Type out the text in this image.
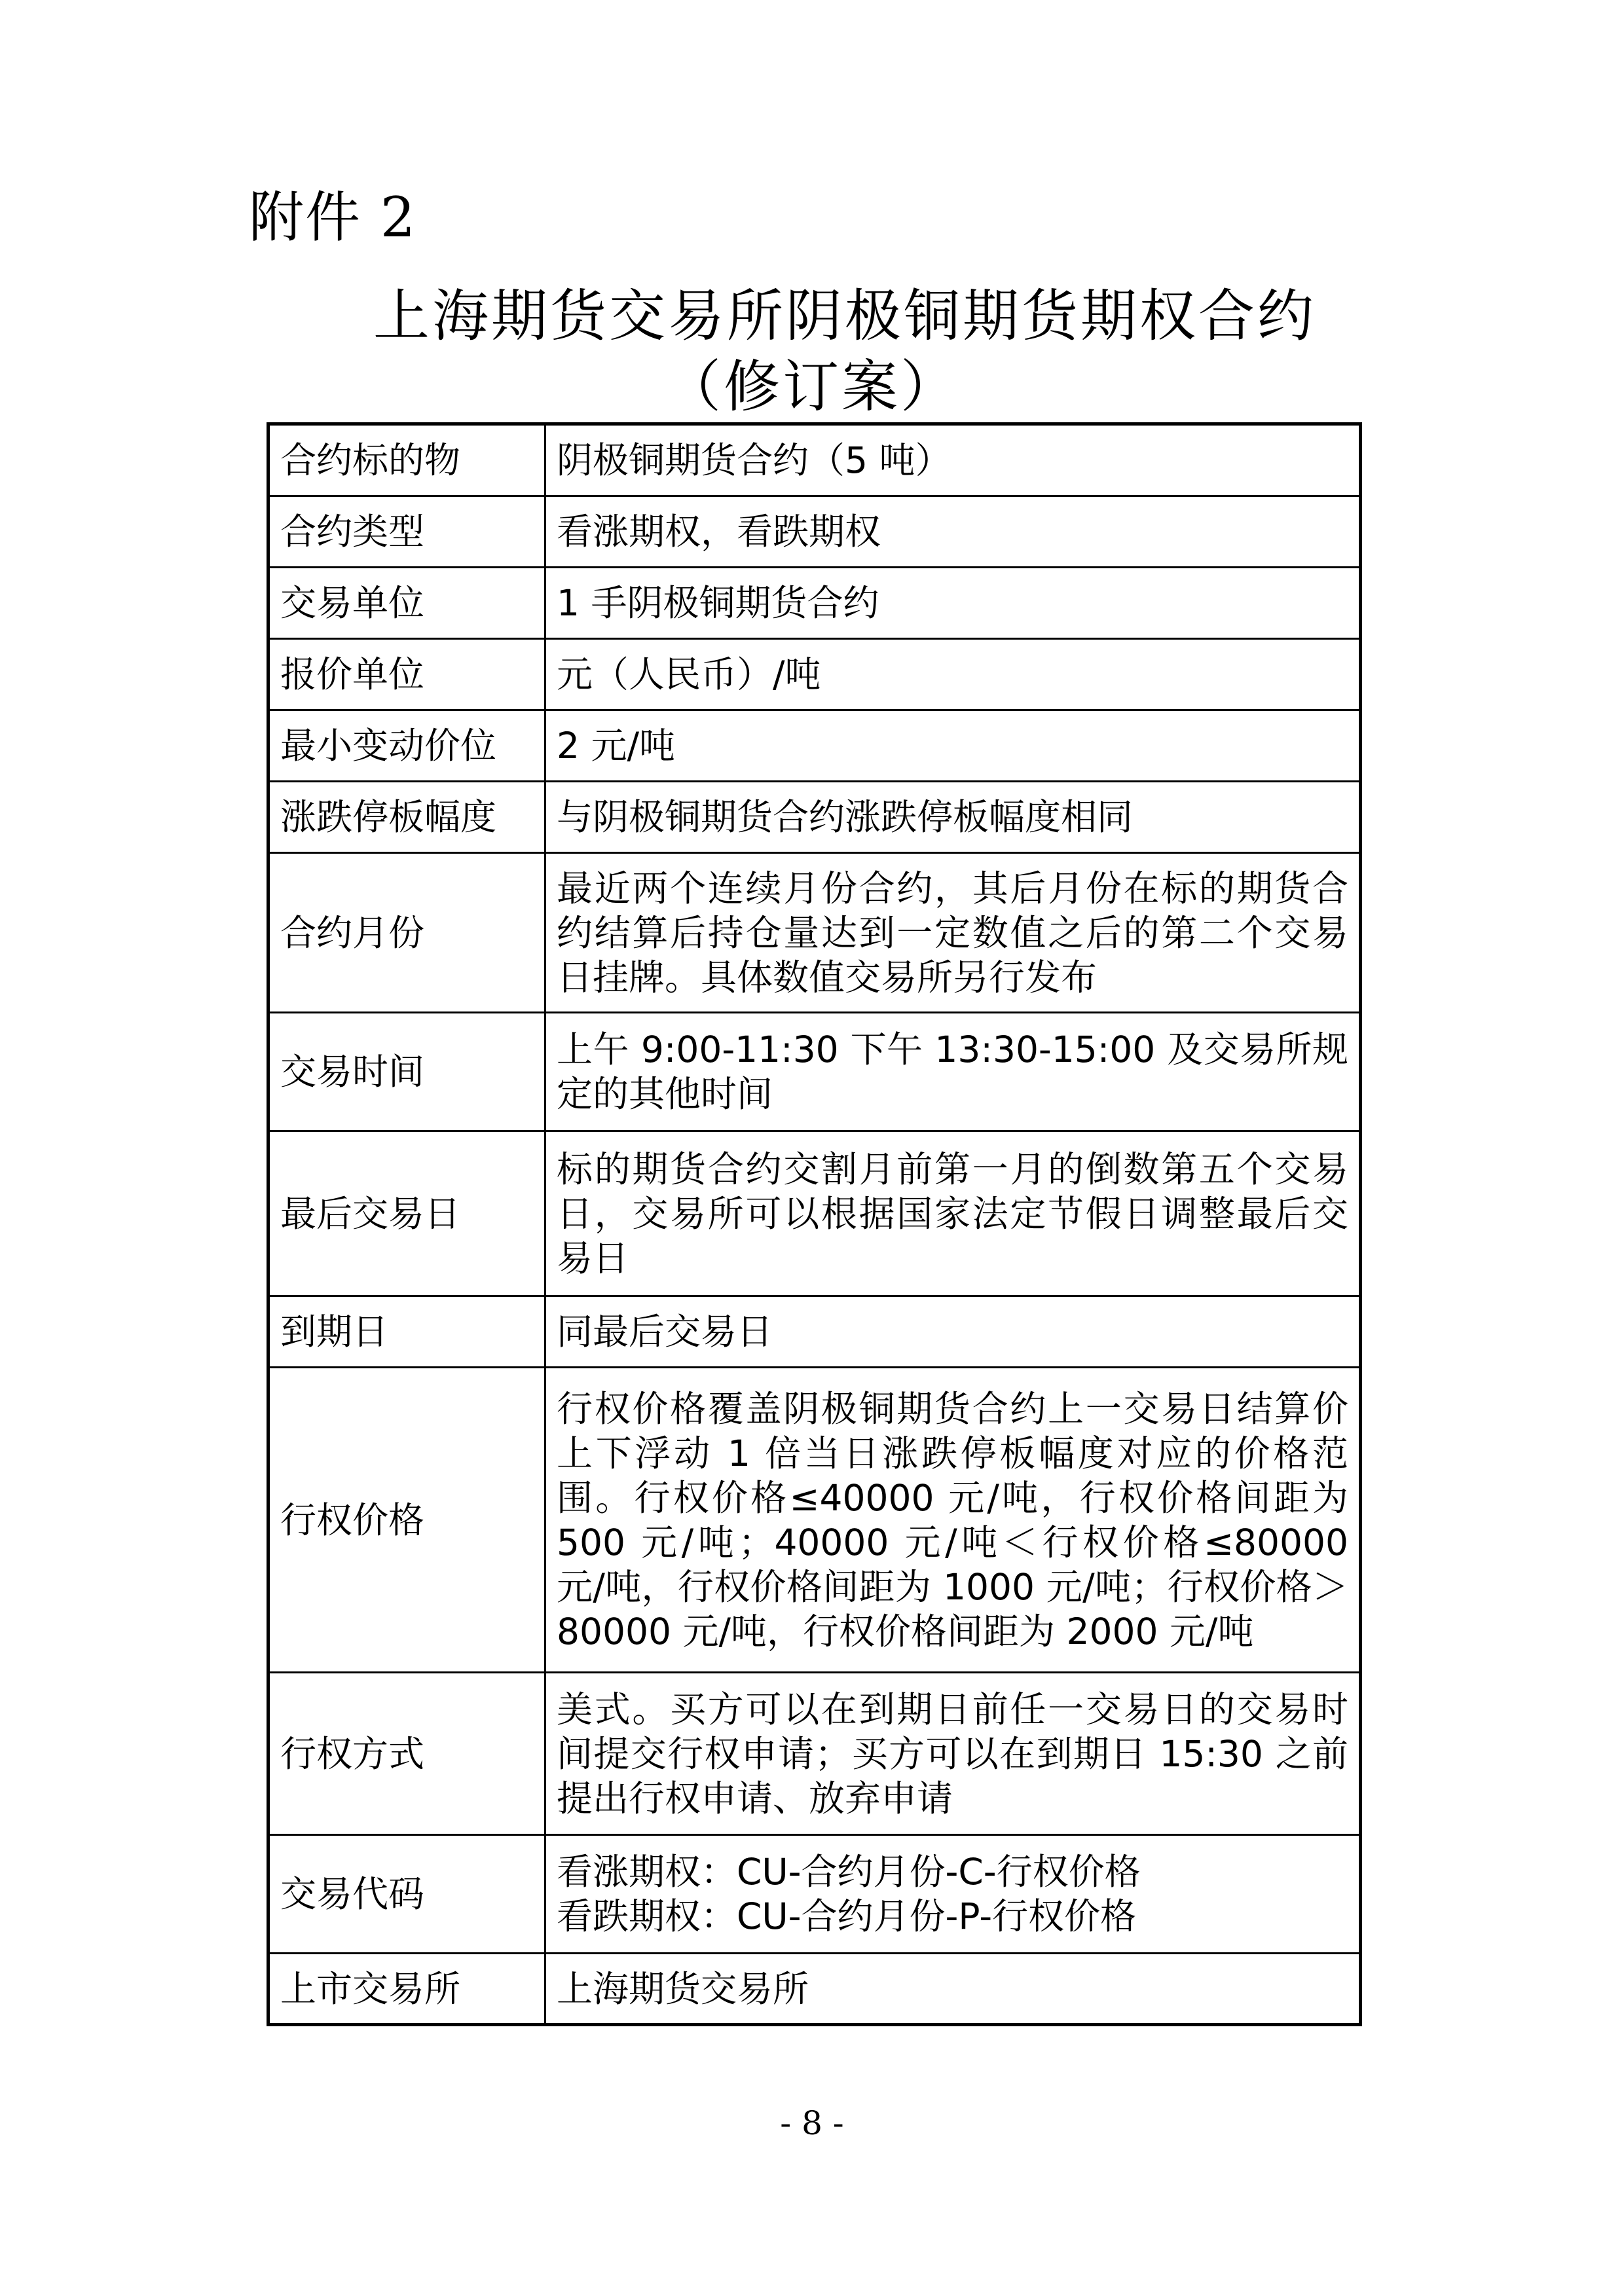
附件 2
上海期货交易所阴极铜期货期权合约
（修订案）
合约标的物	阴极铜期货合约（5 吨）
合约类型	看涨期权，看跌期权
交易单位	1 手阴极铜期货合约
报价单位	元（人民币）/吨
最小变动价位	2 元/吨
涨跌停板幅度	与阴极铜期货合约涨跌停板幅度相同
合约月份	最近两个连续月份合约，其后月份在标的期货合约结算后持仓量达到一定数值之后的第二个交易日挂牌。具体数值交易所另行发布
交易时间	上午 9:00-11:30 下午 13:30-15:00 及交易所规定的其他时间
最后交易日	标的期货合约交割月前第一月的倒数第五个交易日，交易所可以根据国家法定节假日调整最后交易日
到期日	同最后交易日
行权价格	行权价格覆盖阴极铜期货合约上一交易日结算价上下浮动 1 倍当日涨跌停板幅度对应的价格范围。行权价格≤40000 元/吨，行权价格间距为 500 元/吨；40000 元/吨＜行权价格≤80000 元/吨，行权价格间距为 1000 元/吨；行权价格＞80000 元/吨，行权价格间距为 2000 元/吨
行权方式	美式。买方可以在到期日前任一交易日的交易时间提交行权申请；买方可以在到期日 15:30 之前提出行权申请、放弃申请
交易代码	看涨期权：CU-合约月份-C-行权价格
看跌期权：CU-合约月份-P-行权价格

上市交易所	上海期货交易所
- 8 -
